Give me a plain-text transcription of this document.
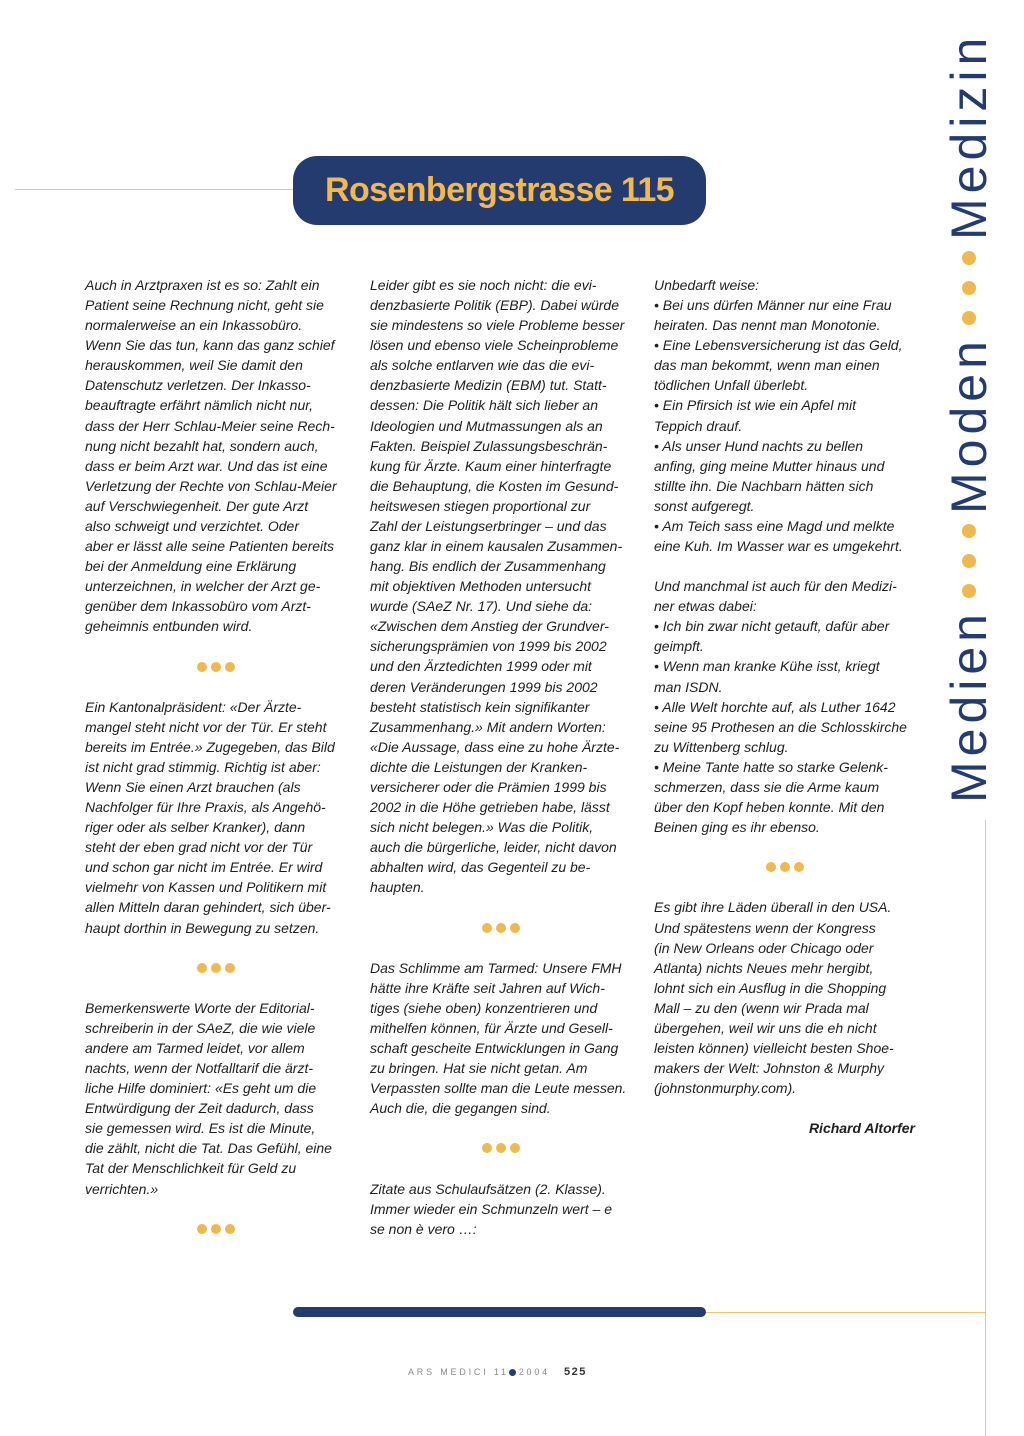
Rosenbergstrasse 115
Medien
Moden
Medizin
Auch in Arztpraxen ist es so: Zahlt ein
Patient seine Rechnung nicht, geht sie
normalerweise an ein Inkassobüro.
Wenn Sie das tun, kann das ganz schief
herauskommen, weil Sie damit den
Datenschutz verletzen. Der Inkasso-
beauftragte erfährt nämlich nicht nur,
dass der Herr Schlau-Meier seine Rech-
nung nicht bezahlt hat, sondern auch,
dass er beim Arzt war. Und das ist eine
Verletzung der Rechte von Schlau-Meier
auf Verschwiegenheit. Der gute Arzt
also schweigt und verzichtet. Oder
aber er lässt alle seine Patienten bereits
bei der Anmeldung eine Erklärung
unterzeichnen, in welcher der Arzt ge-
genüber dem Inkassobüro vom Arzt-
geheimnis entbunden wird.
Ein Kantonalpräsident: «Der Ärzte-
mangel steht nicht vor der Tür. Er steht
bereits im Entrée.» Zugegeben, das Bild
ist nicht grad stimmig. Richtig ist aber:
Wenn Sie einen Arzt brauchen (als
Nachfolger für Ihre Praxis, als Angehö-
riger oder als selber Kranker), dann
steht der eben grad nicht vor der Tür
und schon gar nicht im Entrée. Er wird
vielmehr von Kassen und Politikern mit
allen Mitteln daran gehindert, sich über-
haupt dorthin in Bewegung zu setzen.
Bemerkenswerte Worte der Editorial-
schreiberin in der SAeZ, die wie viele
andere am Tarmed leidet, vor allem
nachts, wenn der Notfalltarif die ärzt-
liche Hilfe dominiert: «Es geht um die
Entwürdigung der Zeit dadurch, dass
sie gemessen wird. Es ist die Minute,
die zählt, nicht die Tat. Das Gefühl, eine
Tat der Menschlichkeit für Geld zu
verrichten.»
Leider gibt es sie noch nicht: die evi-
denzbasierte Politik (EBP). Dabei würde
sie mindestens so viele Probleme besser
lösen und ebenso viele Scheinprobleme
als solche entlarven wie das die evi-
denzbasierte Medizin (EBM) tut. Statt-
dessen: Die Politik hält sich lieber an
Ideologien und Mutmassungen als an
Fakten. Beispiel Zulassungsbeschrän-
kung für Ärzte. Kaum einer hinterfragte
die Behauptung, die Kosten im Gesund-
heitswesen stiegen proportional zur
Zahl der Leistungserbringer – und das
ganz klar in einem kausalen Zusammen-
hang. Bis endlich der Zusammenhang
mit objektiven Methoden untersucht
wurde (SAeZ Nr. 17). Und siehe da:
«Zwischen dem Anstieg der Grundver-
sicherungsprämien von 1999 bis 2002
und den Ärztedichten 1999 oder mit
deren Veränderungen 1999 bis 2002
besteht statistisch kein signifikanter
Zusammenhang.» Mit andern Worten:
«Die Aussage, dass eine zu hohe Ärzte-
dichte die Leistungen der Kranken-
versicherer oder die Prämien 1999 bis
2002 in die Höhe getrieben habe, lässt
sich nicht belegen.» Was die Politik,
auch die bürgerliche, leider, nicht davon
abhalten wird, das Gegenteil zu be-
haupten.
Das Schlimme am Tarmed: Unsere FMH
hätte ihre Kräfte seit Jahren auf Wich-
tiges (siehe oben) konzentrieren und
mithelfen können, für Ärzte und Gesell-
schaft gescheite Entwicklungen in Gang
zu bringen. Hat sie nicht getan. Am
Verpassten sollte man die Leute messen.
Auch die, die gegangen sind.
Zitate aus Schulaufsätzen (2. Klasse).
Immer wieder ein Schmunzeln wert – e
se non è vero …:
Unbedarft weise:
• Bei uns dürfen Männer nur eine Frau
heiraten. Das nennt man Monotonie.
• Eine Lebensversicherung ist das Geld,
das man bekommt, wenn man einen
tödlichen Unfall überlebt.
• Ein Pfirsich ist wie ein Apfel mit
Teppich drauf.
• Als unser Hund nachts zu bellen
anfing, ging meine Mutter hinaus und
stillte ihn. Die Nachbarn hätten sich
sonst aufgeregt.
• Am Teich sass eine Magd und melkte
eine Kuh. Im Wasser war es umgekehrt.
Und manchmal ist auch für den Medizi-
ner etwas dabei:
• Ich bin zwar nicht getauft, dafür aber
geimpft.
• Wenn man kranke Kühe isst, kriegt
man ISDN.
• Alle Welt horchte auf, als Luther 1642
seine 95 Prothesen an die Schlosskirche
zu Wittenberg schlug.
• Meine Tante hatte so starke Gelenk-
schmerzen, dass sie die Arme kaum
über den Kopf heben konnte. Mit den
Beinen ging es ihr ebenso.
Es gibt ihre Läden überall in den USA.
Und spätestens wenn der Kongress
(in New Orleans oder Chicago oder
Atlanta) nichts Neues mehr hergibt,
lohnt sich ein Ausflug in die Shopping
Mall – zu den (wenn wir Prada mal
übergehen, weil wir uns die eh nicht
leisten können) vielleicht besten Shoe-
makers der Welt: Johnston & Murphy
(johnstonmurphy.com).
Richard Altorfer
ARS MEDICI 11 2004 525
